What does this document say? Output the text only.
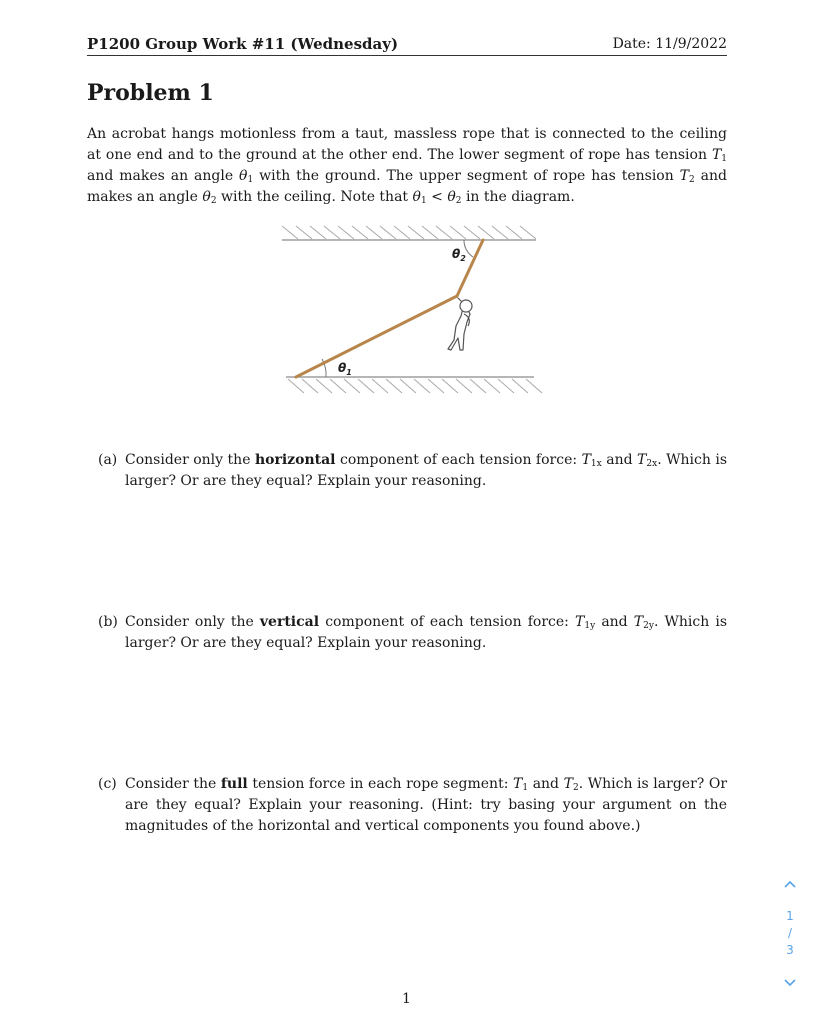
P1200 Group Work #11 (Wednesday)	Date: 11/9/2022
Problem 1

An acrobat hangs motionless from a taut, massless rope that is connected to the ceiling at one end and to the ground at the other end. The lower segment of rope has tension $T_1$ and makes an angle $\theta_1$ with the ground. The upper segment of rope has tension $T_2$ and makes an angle $\theta_2$ with the ceiling. Note that $\theta_1 < \theta_2$ in the diagram.

$\theta_1$
$\theta_2$
(a) Consider only the horizontal component of each tension force: $T_{1x}$ and $T_{2x}$. Which is larger? Or are they equal? Explain your reasoning.
(b) Consider only the vertical component of each tension force: $T_{1y}$ and $T_{2y}$. Which is larger? Or are they equal? Explain your reasoning.
(c) Consider the full tension force in each rope segment: $T_1$ and $T_2$. Which is larger? Or are they equal? Explain your reasoning. (Hint: try basing your argument on the magnitudes of the horizontal and vertical components you found above.)
1
1
/
3
